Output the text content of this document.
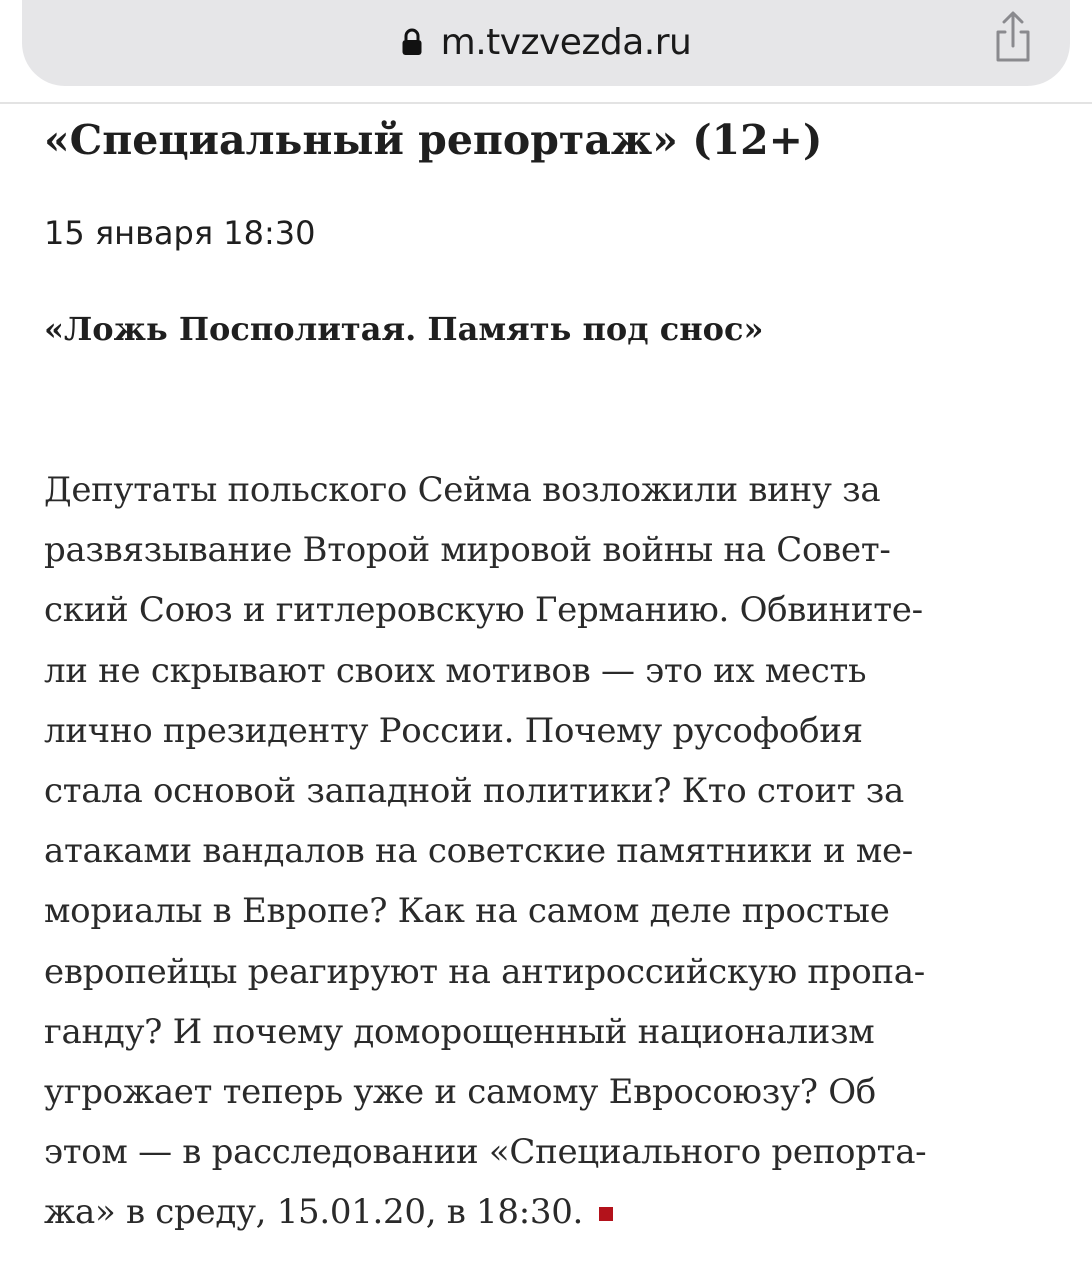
m.tvzvezda.ru
«Специальный репортаж» (12+)
15 января 18:30
«Ложь Посполитая. Память под снос»
Депутаты польского Сейма возложили вину за
развязывание Второй мировой войны на Совет-
ский Союз и гитлеровскую Германию. Обвините-
ли не скрывают своих мотивов — это их месть
лично президенту России. Почему русофобия
стала основой западной политики? Кто стоит за
атаками вандалов на советские памятники и ме-
мориалы в Европе? Как на самом деле простые
европейцы реагируют на антироссийскую пропа-
ганду? И почему доморощенный национализм
угрожает теперь уже и самому Евросоюзу? Об
этом — в расследовании «Специального репорта-
жа» в среду, 15.01.20, в 18:30.
